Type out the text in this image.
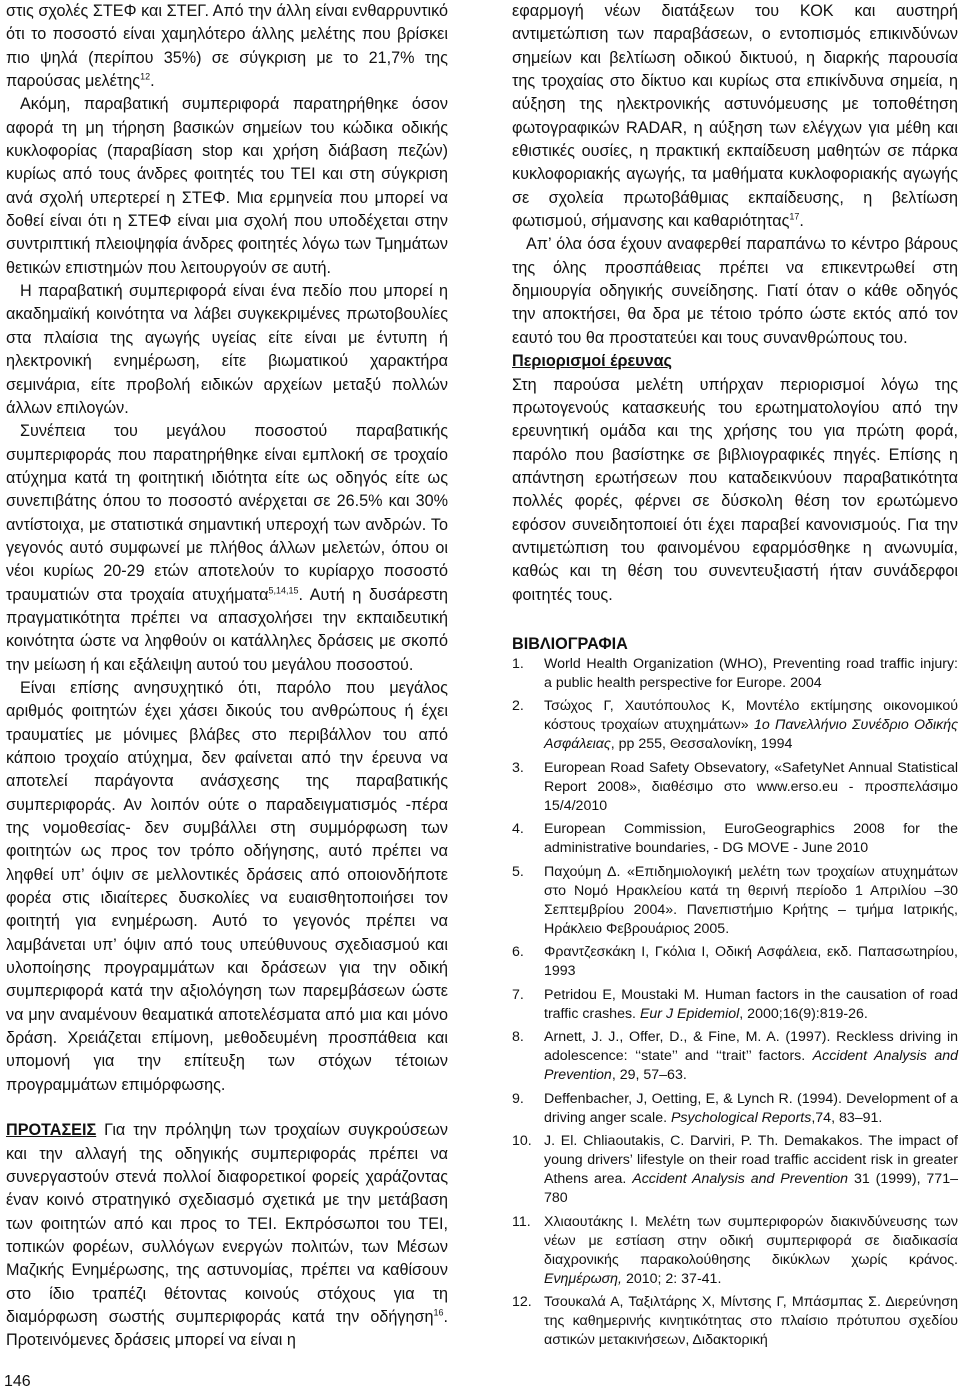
στις σχολές ΣΤΕΦ και ΣΤΕΓ. Από την άλλη είναι ενθαρρυντικό ότι το ποσοστό είναι χαμηλότερο άλλης μελέτης που βρίσκει πιο ψηλά (περίπου 35%) σε σύγκριση με το 21,7% της παρούσας μελέτης$^{12}$.

Ακόμη, παραβατική συμπεριφορά παρατηρήθηκε όσον αφορά τη μη τήρηση βασικών σημείων του κώδικα οδικής κυκλοφορίας (παραβίαση stop και χρήση διάβαση πεζών) κυρίως από τους άνδρες φοιτητές του ΤΕΙ και στη σύγκριση ανά σχολή υπερτερεί η ΣΤΕΦ. Μια ερμηνεία που μπορεί να δοθεί είναι ότι η ΣΤΕΦ είναι μια σχολή που υποδέχεται στην συντριπτική πλειοψηφία άνδρες φοιτητές λόγω των Τμημάτων θετικών επιστημών που λειτουργούν σε αυτή.

Η παραβατική συμπεριφορά είναι ένα πεδίο που μπορεί η ακαδημαϊκή κοινότητα να λάβει συγκεκριμένες πρωτοβουλίες στα πλαίσια της αγωγής υγείας είτε είναι με έντυπη ή ηλεκτρονική ενημέρωση, είτε βιωματικού χαρακτήρα σεμινάρια, είτε προβολή ειδικών αρχείων μεταξύ πολλών άλλων επιλογών.

Συνέπεια του μεγάλου ποσοστού παραβατικής συμπεριφοράς που παρατηρήθηκε είναι εμπλοκή σε τροχαίο ατύχημα κατά τη φοιτητική ιδιότητα είτε ως οδηγός είτε ως συνεπιβάτης όπου το ποσοστό ανέρχεται σε 26.5% και 30% αντίστοιχα, με στατιστικά σημαντική υπεροχή των ανδρών. Το γεγονός αυτό συμφωνεί με πλήθος άλλων μελετών, όπου οι νέοι κυρίως 20-29 ετών αποτελούν το κυρίαρχο ποσοστό τραυματιών στα τροχαία ατυχήματα$^{5,14,15}$. Αυτή η δυσάρεστη πραγματικότητα πρέπει να απασχολήσει την εκπαιδευτική κοινότητα ώστε να ληφθούν οι κατάλληλες δράσεις με σκοπό την μείωση ή και εξάλειψη αυτού του μεγάλου ποσοστού.

Είναι επίσης ανησυχητικό ότι, παρόλο που μεγάλος αριθμός φοιτητών έχει χάσει δικούς του ανθρώπους ή έχει τραυματίες με μόνιμες βλάβες στο περιβάλλον του από κάποιο τροχαίο ατύχημα, δεν φαίνεται από την έρευνα να αποτελεί παράγοντα ανάσχεσης της παραβατικής συμπεριφοράς. Αν λοιπόν ούτε ο παραδειγματισμός -πέρα της νομοθεσίας- δεν συμβάλλει στη συμμόρφωση των φοιτητών ως προς τον τρόπο οδήγησης, αυτό πρέπει να ληφθεί υπ’ όψιν σε μελλοντικές δράσεις από οποιονδήποτε φορέα στις ιδιαίτερες δυσκολίες να ευαισθητοποιήσει τον φοιτητή για ενημέρωση. Αυτό το γεγονός πρέπει να λαμβάνεται υπ’ όψιν από τους υπεύθυνους σχεδιασμού και υλοποίησης προγραμμάτων και δράσεων για την οδική συμπεριφορά κατά την αξιολόγηση των παρεμβάσεων ώστε να μην αναμένουν θεαματικά αποτελέσματα από μια και μόνο δράση. Χρειάζεται επίμονη, μεθοδευμένη προσπάθεια και υπομονή για την επίτευξη των στόχων τέτοιων προγραμμάτων επιμόρφωσης.

ΠΡΟΤΑΣΕΙΣ Για την πρόληψη των τροχαίων συγκρούσεων και την αλλαγή της οδηγικής συμπεριφοράς πρέπει να συνεργαστούν στενά πολλοί διαφορετικοί φορείς χαράζοντας έναν κοινό στρατηγικό σχεδιασμό σχετικά με την μετάβαση των φοιτητών από και προς το ΤΕΙ. Εκπρόσωποι του ΤΕΙ, τοπικών φορέων, συλλόγων ενεργών πολιτών, των Μέσων Μαζικής Ενημέρωσης, της αστυνομίας, πρέπει να καθίσουν στο ίδιο τραπέζι θέτοντας κοινούς στόχους για τη διαμόρφωση σωστής συμπεριφοράς κατά την οδήγηση$^{16}$. Προτεινόμενες δράσεις μπορεί να είναι η

εφαρμογή νέων διατάξεων του ΚΟΚ και αυστηρή αντιμετώπιση των παραβάσεων, ο εντοπισμός επικινδύνων σημείων και βελτίωση οδικού δικτυού, η διαρκής παρουσία της τροχαίας στο δίκτυο και κυρίως στα επικίνδυνα σημεία, η αύξηση της ηλεκτρονικής αστυνόμευσης με τοποθέτηση φωτογραφικών RADAR, η αύξηση των ελέγχων για μέθη και εθιστικές ουσίες, η πρακτική εκπαίδευση μαθητών σε πάρκα κυκλοφοριακής αγωγής, τα μαθήματα κυκλοφοριακής αγωγής σε σχολεία πρωτοβάθμιας εκπαίδευσης, η βελτίωση φωτισμού, σήμανσης και καθαριότητας$^{17}$.

Απ’ όλα όσα έχουν αναφερθεί παραπάνω το κέντρο βάρους της όλης προσπάθειας πρέπει να επικεντρωθεί στη δημιουργία οδηγικής συνείδησης. Γιατί όταν ο κάθε οδηγός την αποκτήσει, θα δρα με τέτοιο τρόπο ώστε εκτός από τον εαυτό του θα προστατεύει και τους συνανθρώπους του.

Περιορισμοί έρευνας

Στη παρούσα μελέτη υπήρχαν περιορισμοί λόγω της πρωτογενούς κατασκευής του ερωτηματολογίου από την ερευνητική ομάδα και της χρήσης του για πρώτη φορά, παρόλο που βασίστηκε σε βιβλιογραφικές πηγές. Επίσης η απάντηση ερωτήσεων που καταδεικνύουν παραβατικότητα πολλές φορές, φέρνει σε δύσκολη θέση τον ερωτώμενο εφόσον συνειδητοποιεί ότι έχει παραβεί κανονισμούς. Για την αντιμετώπιση του φαινομένου εφαρμόσθηκε η ανωνυμία, καθώς και τη θέση του συνεντευξιαστή ήταν συνάδερφοι φοιτητές τους.

ΒΙΒΛΙΟΓΡΑΦΙΑ

1.	World Health Organization (WHO), Preventing road traffic injury: a public health perspective for Europe. 2004
2.	Τσώχος Γ, Χαυτόπουλος Κ, Μοντέλο εκτίμησης οικονομικού κόστους τροχαίων ατυχημάτων» 1ο Πανελλήνιο Συνέδριο Οδικής Ασφάλειας, pp 255, Θεσσαλονίκη, 1994
3.	European Road Safety Obsevatory, «SafetyNet Annual Statistical Report 2008», διαθέσιμο στο www.erso.eu - προσπελάσιμο 15/4/2010
4.	European Commission, EuroGeographics 2008 for the administrative boundaries, - DG MOVE - June 2010
5.	Παχούμη Δ. «Επιδημιολογική μελέτη των τροχαίων ατυχημάτων στο Νομό Ηρακλείου κατά τη θερινή περίοδο 1 Απριλίου –30 Σεπτεμβρίου 2004». Πανεπιστήμιο Κρήτης – τμήμα Ιατρικής, Ηράκλειο Φεβρουάριος 2005.
6.	Φραντζεσκάκη Ι, Γκόλια Ι, Οδική Ασφάλεια, εκδ. Παπασωτηρίου, 1993
7.	Petridou E, Moustaki M. Human factors in the causation of road traffic crashes. Eur J Epidemiol, 2000;16(9):819-26.
8.	Arnett, J. J., Offer, D., & Fine, M. A. (1997). Reckless driving in adolescence: ‘‘state’’ and ‘‘trait’’ factors. Accident Analysis and Prevention, 29, 57–63.
9.	Deffenbacher, J, Oetting, E, & Lynch R. (1994). Development of a driving anger scale. Psychological Reports,74, 83–91.
10. J. El. Chliaoutakis, C. Darviri, P. Th. Demakakos. The impact of young drivers’ lifestyle on their road traffic accident risk in greater Athens area. Accident Analysis and Prevention 31 (1999), 771–780
11. Χλιαουτάκης Ι. Μελέτη των συμπεριφορών διακινδύνευσης των νέων με εστίαση στην οδική συμπεριφορά σε διαδικασία διαχρονικής παρακολούθησης δικύκλων χωρίς κράνος. Ενημέρωση, 2010; 2: 37-41.
12. Τσουκαλά Α, Ταξιλτάρης Χ, Μίντσης Γ, Μπάσμπας Σ. Διερεύνηση της καθημερινής κινητικότητας στο πλαίσιο πρότυπου σχεδίου αστικών μετακινήσεων, Διδακτορική
146
